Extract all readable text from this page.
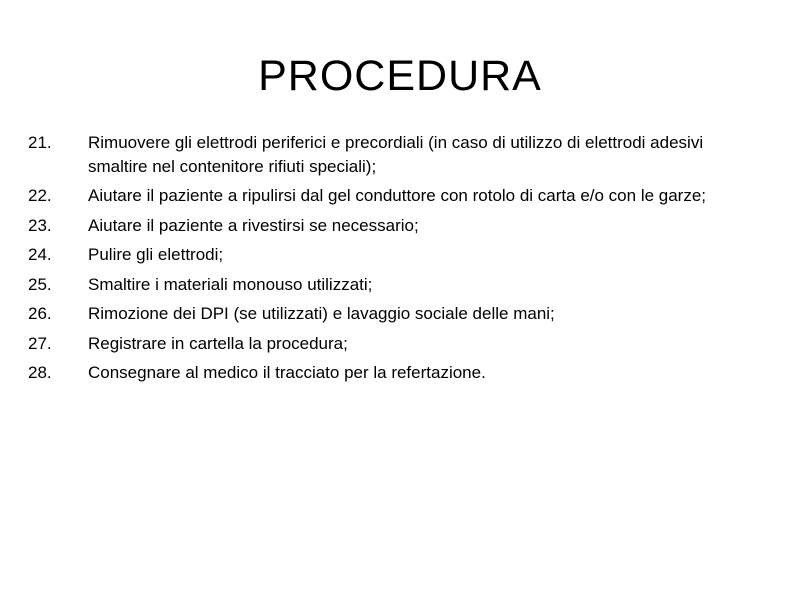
PROCEDURA
21.	Rimuovere gli elettrodi periferici e precordiali (in caso di utilizzo di elettrodi adesivi smaltire nel contenitore rifiuti speciali);
22.	Aiutare il paziente a ripulirsi dal gel conduttore con rotolo di carta e/o con le garze;
23.	Aiutare il paziente a rivestirsi se necessario;
24.	Pulire gli elettrodi;
25.	Smaltire i materiali monouso utilizzati;
26.	Rimozione dei DPI (se utilizzati) e lavaggio sociale delle mani;
27.	Registrare in cartella la procedura;
28.	Consegnare al medico il tracciato per la refertazione.
